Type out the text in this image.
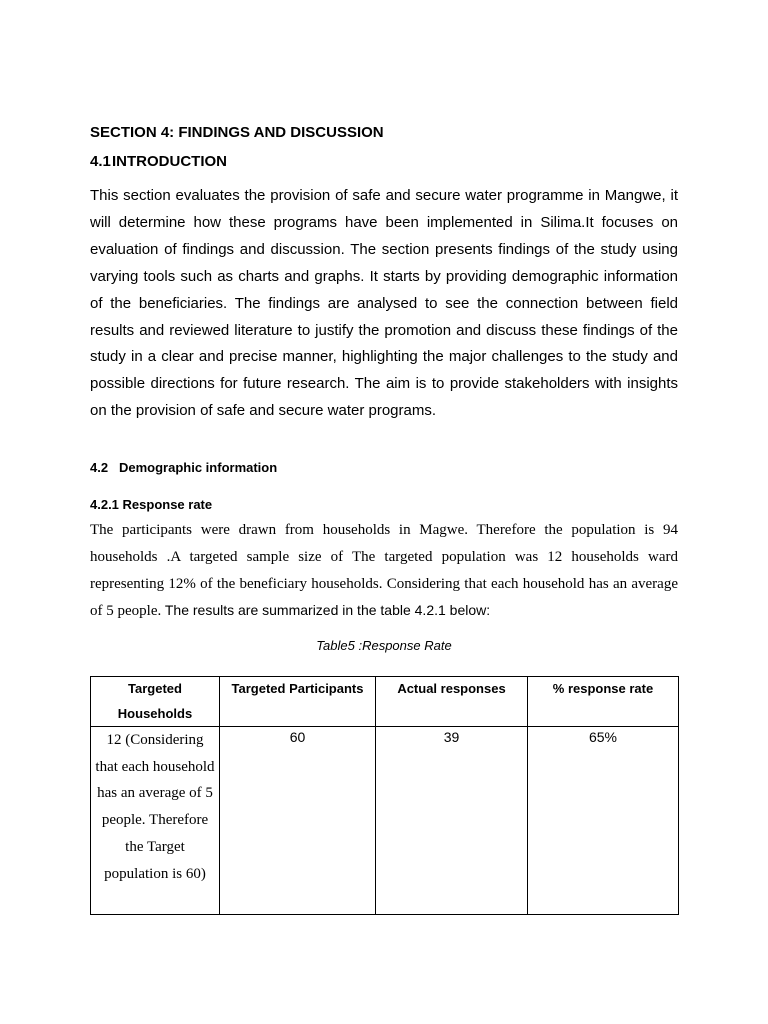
SECTION 4: FINDINGS AND DISCUSSION
4.1INTRODUCTION

This section evaluates the provision of safe and secure water programme in Mangwe, it will determine how these programs have been implemented in Silima.It focuses on evaluation of findings and discussion. The section presents findings of the study using varying tools such as charts and graphs. It starts by providing demographic information of the beneficiaries. The findings are analysed to see the connection between field results and reviewed literature to justify the promotion and discuss these findings of the study in a clear and precise manner, highlighting the major challenges to the study and possible directions for future research. The aim is to provide stakeholders with insights on the provision of safe and secure water programs.

4.2 Demographic information
4.2.1 Response rate

The participants were drawn from households in Magwe. Therefore the population is 94 households .A targeted sample size of The targeted population was 12 households ward representing 12% of the beneficiary households. Considering that each household has an average of 5 people. The results are summarized in the table 4.2.1 below:

Table5 :Response Rate
Targeted Households	Targeted Participants	Actual responses	% response rate
12 (Considering that each household has an average of 5 people. Therefore the Target population is 60)	60	39	65%
